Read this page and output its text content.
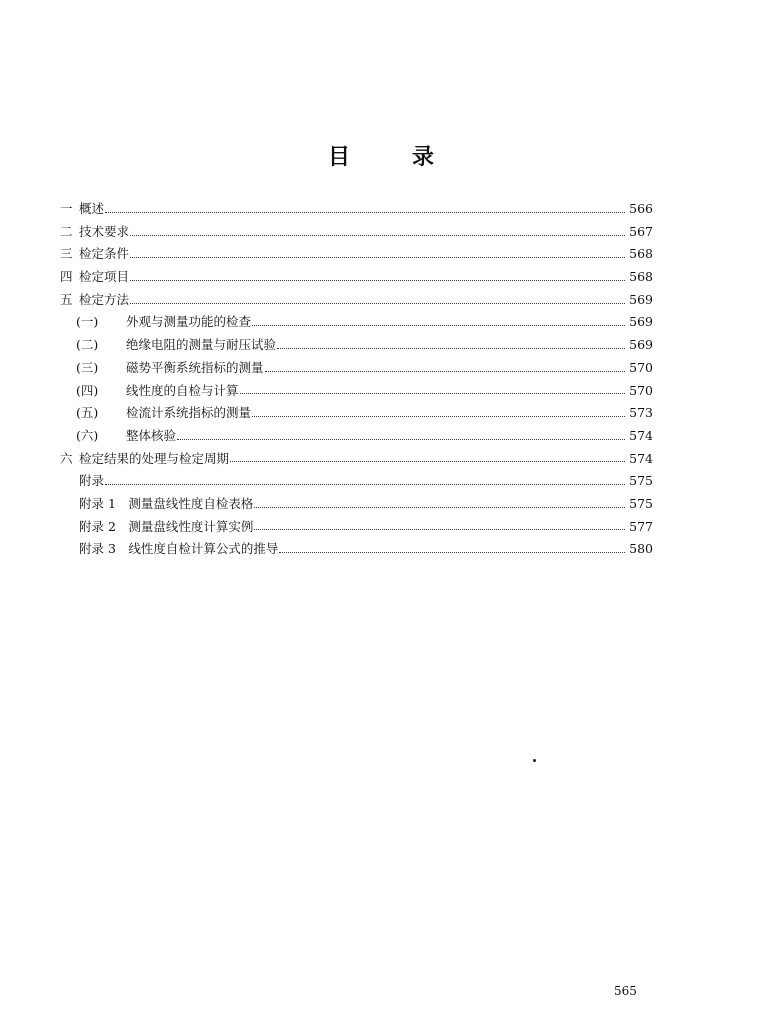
目	录
一 概述	566
二 技术要求	567
三 检定条件	568
四 检定项目	568
五 检定方法	569
(一)	外观与测量功能的检查	569
(二)	绝缘电阻的测量与耐压试验	569
(三)	磁势平衡系统指标的测量	570
(四)	线性度的自检与计算	570
(五)	检流计系统指标的测量	573
(六)	整体核验	574
六 检定结果的处理与检定周期	574
附录	575
附录 1　测量盘线性度自检表格	575
附录 2　测量盘线性度计算实例	577
附录 3　线性度自检计算公式的推导	580
565
